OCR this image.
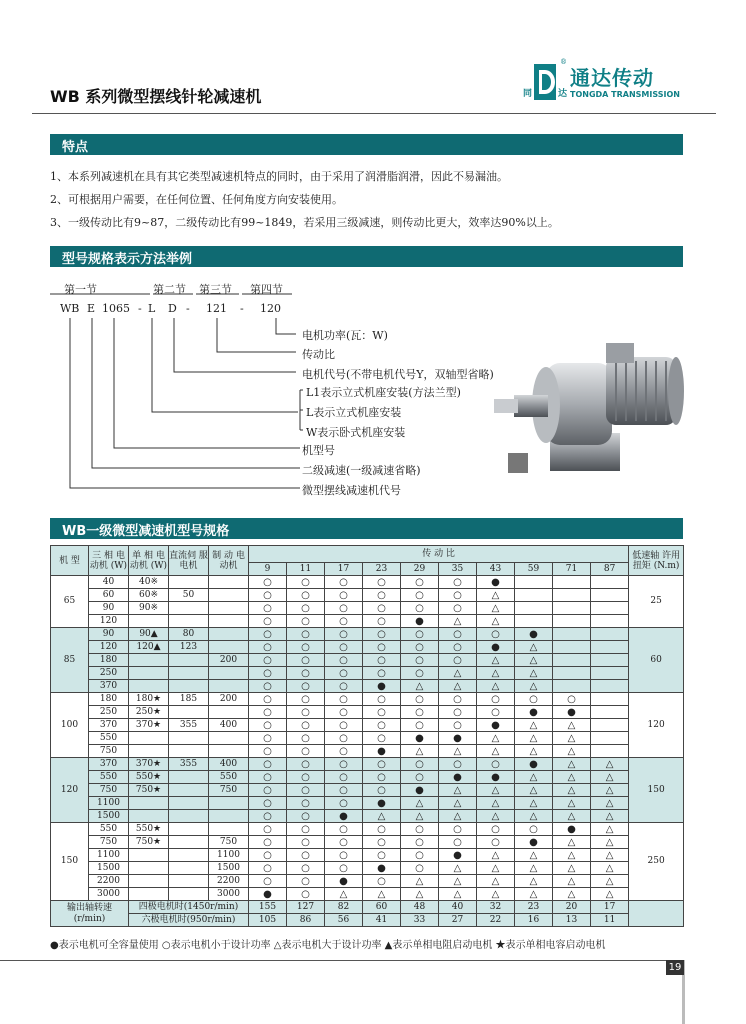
WB 系列微型摆线针轮减速机	同	达
®
通达传动
TONGDA TRANSMISSION
特点
1、本系列减速机在具有其它类型减速机特点的同时，由于采用了润滑脂润滑，因此不易漏油。
2、可根据用户需要，在任何位置、任何角度方向安装使用。
3、一级传动比有9~87，二级传动比有99~1849，若采用三级减速，则传动比更大，效率达90%以上。
型号规格表示方法举例
第一节	第二节 第三节 第四节
WB E 1065 - L D - 121 - 120
电机功率(瓦：W)
传动比
电机代号(不带电机代号Y，双轴型省略)
L1表示立式机座安装(方法兰型)
L表示立式机座安装
W表示卧式机座安装
机型号
二级减速(一级减速省略)
微型摆线减速机代号
WB一级微型减速机型号规格
机 型	三 相 电动机 (W)	单 相 电动机 (W)	直流伺 服电机	制 动 电动机	传 动 比										低速轴 许用扭矩 (N.m)
					9	11	17	23	29	35	43	59	71	87	
65	40	40※			○	○	○	○	○	○	●				25
	60	60※	50		○	○	○	○	○	○	△				
	90	90※			○	○	○	○	○	○	△				
	120				○	○	○	○	●	△	△				
85	90	90▲	80		○	○	○	○	○	○	○	●			60
	120	120▲	123		○	○	○	○	○	○	●	△			
	180			200	○	○	○	○	○	○	△	△			
	250				○	○	○	○	○	△	△	△			
	370				○	○	○	●	△	△	△	△			
100	180	180★	185	200	○	○	○	○	○	○	○	○	○		120
	250	250★			○	○	○	○	○	○	○	●	●		
	370	370★	355	400	○	○	○	○	○	○	●	△	△		
	550				○	○	○	○	●	●	△	△	△		
	750				○	○	○	●	△	△	△	△	△		
120	370	370★	355	400	○	○	○	○	○	○	○	●	△	△	150
	550	550★		550	○	○	○	○	○	●	●	△	△	△	
	750	750★		750	○	○	○	○	●	△	△	△	△	△	
	1100				○	○	○	●	△	△	△	△	△	△	
	1500				○	○	●	△	△	△	△	△	△	△	
150	550	550★			○	○	○	○	○	○	○	○	●	△	250
	750	750★		750	○	○	○	○	○	○	○	●	△	△	
	1100			1100	○	○	○	○	○	●	△	△	△	△	
	1500			1500	○	○	○	●	○	△	△	△	△	△	
	2200			2200	○	○	●	○	△	△	△	△	△	△	
	3000			3000	●	○	△	△	△	△	△	△	△	△	
输出轴转速 (r/min)		四极电机时(1450r/min)			155	127	82	60	48	40	32	23	20	17	
		六极电机时(950r/min)			105	86	56	41	33	27	22	16	13	11	
●表示电机可全容量使用 ○表示电机小于设计功率 △表示电机大于设计功率 ▲表示单相电阻启动电机 ★表示单相电容启动电机
19
